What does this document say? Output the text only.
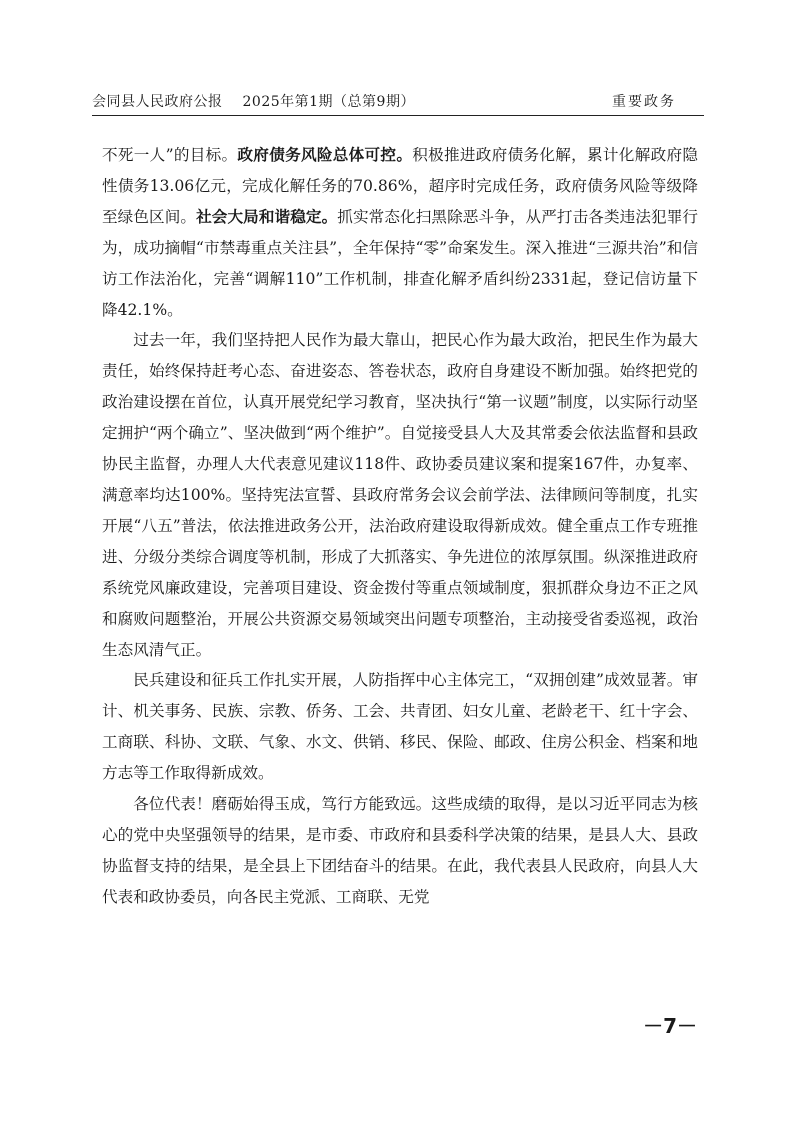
会同县人民政府公报 2025年第1期（总第9期）	重要政务

不死一人”的目标。政府债务风险总体可控。积极推进政府债务化解，累计化解政府隐性债务13.06亿元，完成化解任务的70.86%，超序时完成任务，政府债务风险等级降至绿色区间。社会大局和谐稳定。抓实常态化扫黑除恶斗争，从严打击各类违法犯罪行为，成功摘帽“市禁毒重点关注县”，全年保持“零”命案发生。深入推进“三源共治”和信访工作法治化，完善“调解110”工作机制，排查化解矛盾纠纷2331起，登记信访量下降42.1%。

过去一年，我们坚持把人民作为最大靠山，把民心作为最大政治，把民生作为最大责任，始终保持赶考心态、奋进姿态、答卷状态，政府自身建设不断加强。始终把党的政治建设摆在首位，认真开展党纪学习教育，坚决执行“第一议题”制度，以实际行动坚定拥护“两个确立”、坚决做到“两个维护”。自觉接受县人大及其常委会依法监督和县政协民主监督，办理人大代表意见建议118件、政协委员建议案和提案167件，办复率、满意率均达100%。坚持宪法宣誓、县政府常务会议会前学法、法律顾问等制度，扎实开展“八五”普法，依法推进政务公开，法治政府建设取得新成效。健全重点工作专班推进、分级分类综合调度等机制，形成了大抓落实、争先进位的浓厚氛围。纵深推进政府系统党风廉政建设，完善项目建设、资金拨付等重点领域制度，狠抓群众身边不正之风和腐败问题整治，开展公共资源交易领域突出问题专项整治，主动接受省委巡视，政治生态风清气正。

民兵建设和征兵工作扎实开展，人防指挥中心主体完工，“双拥创建”成效显著。审计、机关事务、民族、宗教、侨务、工会、共青团、妇女儿童、老龄老干、红十字会、工商联、科协、文联、气象、水文、供销、移民、保险、邮政、住房公积金、档案和地方志等工作取得新成效。

各位代表！磨砺始得玉成，笃行方能致远。这些成绩的取得，是以习近平同志为核心的党中央坚强领导的结果，是市委、市政府和县委科学决策的结果，是县人大、县政协监督支持的结果，是全县上下团结奋斗的结果。在此，我代表县人民政府，向县人大代表和政协委员，向各民主党派、工商联、无党

－7－
